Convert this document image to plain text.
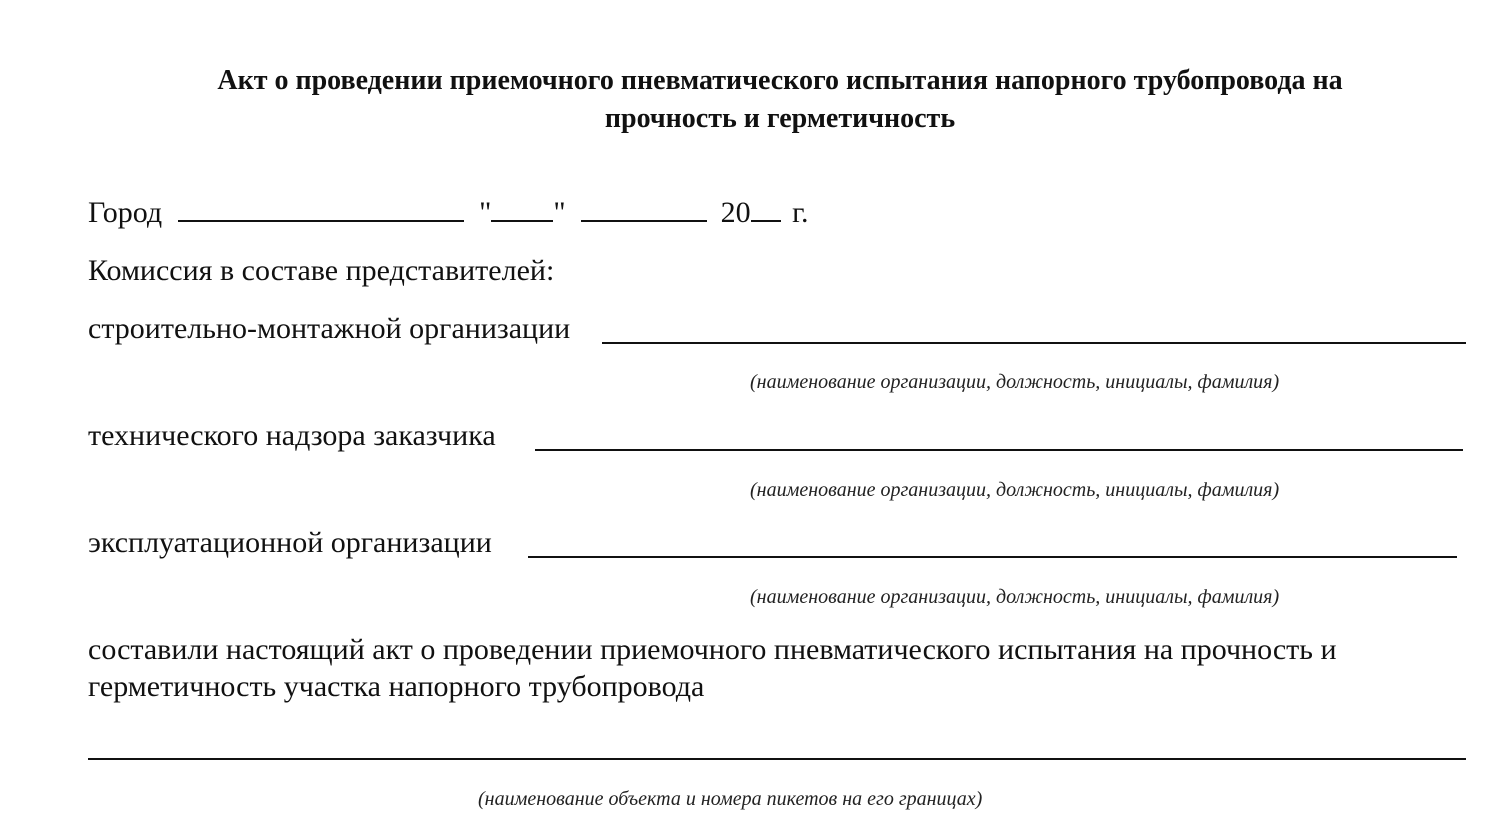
Акт о проведении приемочного пневматического испытания напорного трубопровода на
прочность и герметичность
Город	" "	20 г.
Комиссия в составе представителей:
строительно-монтажной организации
(наименование организации, должность, инициалы, фамилия)
технического надзора заказчика
(наименование организации, должность, инициалы, фамилия)
эксплуатационной организации
(наименование организации, должность, инициалы, фамилия)
составили настоящий акт о проведении приемочного пневматического испытания на прочность и
герметичность участка напорного трубопровода
(наименование объекта и номера пикетов на его границах)
